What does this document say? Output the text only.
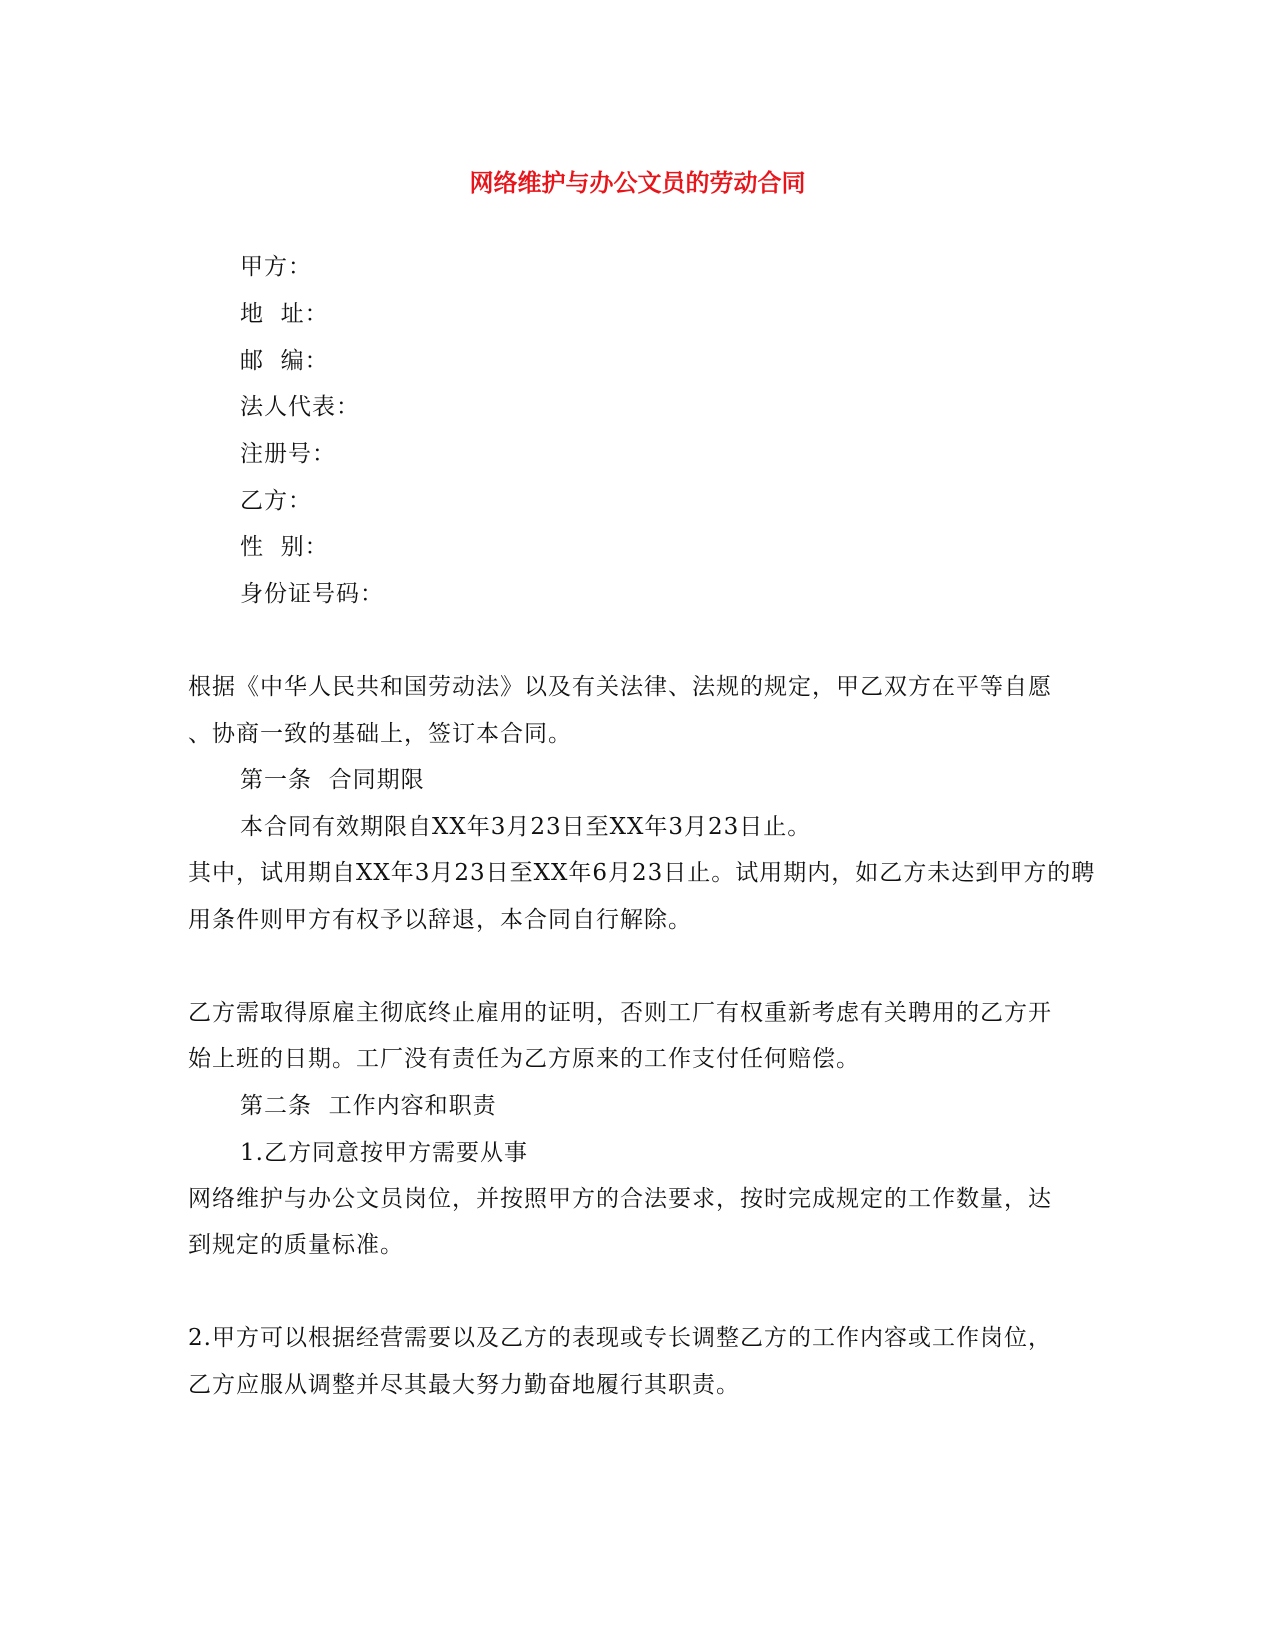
网络维护与办公文员的劳动合同
甲方：
地  址：
邮  编：
法人代表：
注册号：
乙方：
性  别：
身份证号码：
根据《中华人民共和国劳动法》以及有关法律、法规的规定，甲乙双方在平等自愿
、协商一致的基础上，签订本合同。
第一条  合同期限
本合同有效期限自XX年3月23日至XX年3月23日止。
其中，试用期自XX年3月23日至XX年6月23日止。试用期内，如乙方未达到甲方的聘
用条件则甲方有权予以辞退，本合同自行解除。
乙方需取得原雇主彻底终止雇用的证明，否则工厂有权重新考虑有关聘用的乙方开
始上班的日期。工厂没有责任为乙方原来的工作支付任何赔偿。
第二条  工作内容和职责
1.乙方同意按甲方需要从事
网络维护与办公文员岗位，并按照甲方的合法要求，按时完成规定的工作数量，达
到规定的质量标准。
2.甲方可以根据经营需要以及乙方的表现或专长调整乙方的工作内容或工作岗位，
乙方应服从调整并尽其最大努力勤奋地履行其职责。
